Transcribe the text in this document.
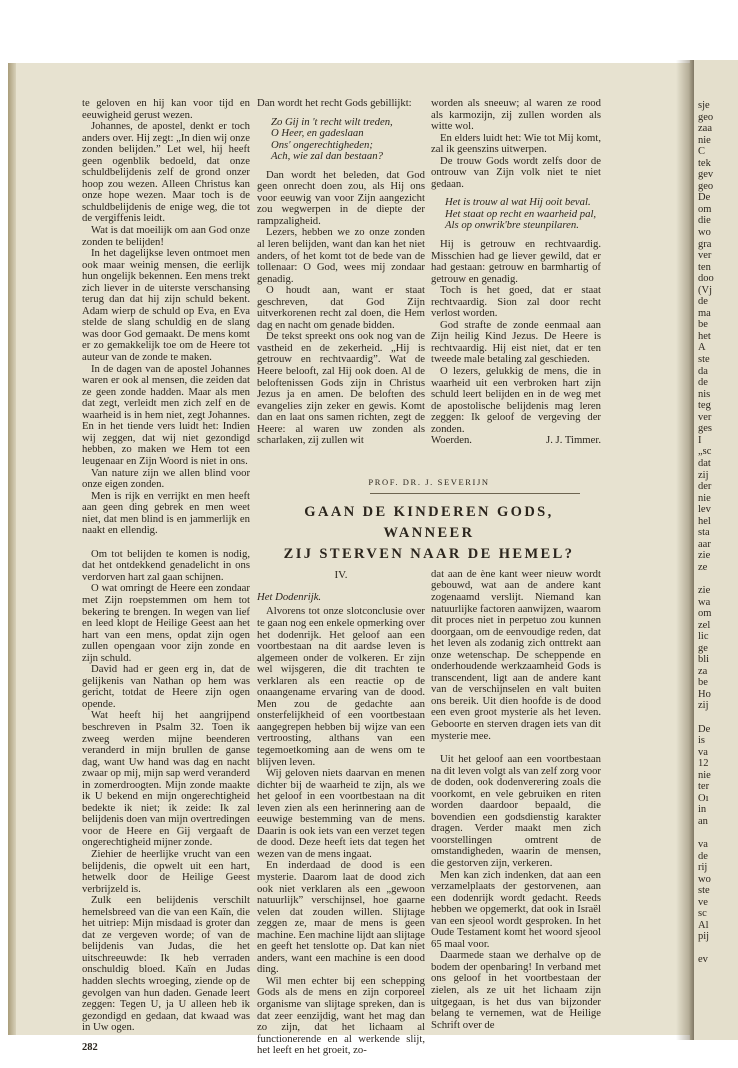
te geloven en hij kan voor tijd en eeuwigheid gerust wezen.

Johannes, de apostel, denkt er toch anders over. Hij zegt: „In dien wij onze zonden belijden.” Let wel, hij heeft geen ogenblik bedoeld, dat onze schuldbelijdenis zelf de grond onzer hoop zou wezen. Alleen Christus kan onze hope wezen. Maar toch is de schuldbelijdenis de enige weg, die tot de vergiffenis leidt.

Wat is dat moeilijk om aan God onze zonden te belijden!

In het dagelijkse leven ontmoet men ook maar weinig mensen, die eerlijk hun ongelijk bekennen. Een mens trekt zich liever in de uiterste verschansing terug dan dat hij zijn schuld bekent. Adam wierp de schuld op Eva, en Eva stelde de slang schuldig en de slang was door God gemaakt. De mens komt er zo gemakkelijk toe om de Heere tot auteur van de zonde te maken.

In de dagen van de apostel Johannes waren er ook al mensen, die zeiden dat ze geen zonde hadden. Maar als men dat zegt, verleidt men zich zelf en de waarheid is in hem niet, zegt Johannes. En in het tiende vers luidt het: Indien wij zeggen, dat wij niet gezondigd hebben, zo maken we Hem tot een leugenaar en Zijn Woord is niet in ons.

Van nature zijn we allen blind voor onze eigen zonden.

Men is rijk en verrijkt en men heeft aan geen ding gebrek en men weet niet, dat men blind is en jammerlijk en naakt en ellendig.

Om tot belijden te komen is nodig, dat het ontdekkend genadelicht in ons verdorven hart zal gaan schijnen.

O wat omringt de Heere een zondaar met Zijn roepstemmen om hem tot bekering te brengen. In wegen van lief en leed klopt de Heilige Geest aan het hart van een mens, opdat zijn ogen zullen opengaan voor zijn zonde en zijn schuld.

David had er geen erg in, dat de gelijkenis van Nathan op hem was gericht, totdat de Heere zijn ogen opende.

Wat heeft hij het aangrijpend beschreven in Psalm 32. Toen ik zweeg werden mijne beenderen veranderd in mijn brullen de ganse dag, want Uw hand was dag en nacht zwaar op mij, mijn sap werd veranderd in zomerdroogten. Mijn zonde maakte ik U bekend en mijn ongerechtigheid bedekte ik niet; ik zeide: Ik zal belijdenis doen van mijn overtredingen voor de Heere en Gij vergaaft de ongerechtigheid mijner zonde.

Ziehier de heerlijke vrucht van een belijdenis, die opwelt uit een hart, hetwelk door de Heilige Geest verbrijzeld is.

Zulk een belijdenis verschilt hemelsbreed van die van een Kaïn, die het uitriep: Mijn misdaad is groter dan dat ze vergeven worde; of van de belijdenis van Judas, die het uitschreeuwde: Ik heb verraden onschuldig bloed. Kaïn en Judas hadden slechts wroeging, ziende op de gevolgen van hun daden. Genade leert zeggen: Tegen U, ja U alleen heb ik gezondigd en gedaan, dat kwaad was in Uw ogen.

282

Dan wordt het recht Gods gebillijkt:

Zo Gij in 't recht wilt treden,
O Heer, en gadeslaan
Ons' ongerechtigheden;
Ach, wie zal dan bestaan?

Dan wordt het beleden, dat God geen onrecht doen zou, als Hij ons voor eeuwig van voor Zijn aangezicht zou wegwerpen in de diepte der rampzaligheid.

Lezers, hebben we zo onze zonden al leren belijden, want dan kan het niet anders, of het komt tot de bede van de tollenaar: O God, wees mij zondaar genadig.

O houdt aan, want er staat geschreven, dat God Zijn uitverkorenen recht zal doen, die Hem dag en nacht om genade bidden.

De tekst spreekt ons ook nog van de vastheid en de zekerheid. „Hij is getrouw en rechtvaardig”. Wat de Heere belooft, zal Hij ook doen. Al de beloftenissen Gods zijn in Christus Jezus ja en amen. De beloften des evangelies zijn zeker en gewis. Komt dan en laat ons samen richten, zegt de Heere: al waren uw zonden als scharlaken, zij zullen wit

worden als sneeuw; al waren ze rood als karmozijn, zij zullen worden als witte wol.

En elders luidt het: Wie tot Mij komt, zal ik geenszins uitwerpen.

De trouw Gods wordt zelfs door de ontrouw van Zijn volk niet te niet gedaan.

Het is trouw al wat Hij ooit beval.
Het staat op recht en waarheid pal,
Als op onwrik'bre steunpilaren.

Hij is getrouw en rechtvaardig. Misschien had ge liever gewild, dat er had gestaan: getrouw en barmhartig of getrouw en genadig.

Toch is het goed, dat er staat rechtvaardig. Sion zal door recht verlost worden.

God strafte de zonde eenmaal aan Zijn heilig Kind Jezus. De Heere is rechtvaardig. Hij eist niet, dat er ten tweede male betaling zal geschieden.

O lezers, gelukkig de mens, die in waarheid uit een verbroken hart zijn schuld leert belijden en in de weg met de apostolische belijdenis mag leren zeggen: Ik geloof de vergeving der zonden.

Woerden.	J. J. Timmer.
PROF. DR. J. SEVERIJN
GAAN DE KINDEREN GODS, WANNEER
ZIJ STERVEN NAAR DE HEMEL?
IV.

Het Dodenrijk.

Alvorens tot onze slotconclusie over te gaan nog een enkele opmerking over het dodenrijk. Het geloof aan een voortbestaan na dit aardse leven is algemeen onder de volkeren. Er zijn wel wijsgeren, die dit trachten te verklaren als een reactie op de onaangename ervaring van de dood. Men zou de gedachte aan onsterfelijkheid of een voortbestaan aangegrepen hebben bij wijze van een vertroosting, althans van een tegemoetkoming aan de wens om te blijven leven.

Wij geloven niets daarvan en menen dichter bij de waarheid te zijn, als we het geloof in een voortbestaan na dit leven zien als een herinnering aan de eeuwige bestemming van de mens. Daarin is ook iets van een verzet tegen de dood. Deze heeft iets dat tegen het wezen van de mens ingaat.

En inderdaad de dood is een mysterie. Daarom laat de dood zich ook niet verklaren als een „gewoon natuurlijk” verschijnsel, hoe gaarne velen dat zouden willen. Slijtage zeggen ze, maar de mens is geen machine. Een machine lijdt aan slijtage en geeft het tenslotte op. Dat kan niet anders, want een machine is een dood ding.

Wil men echter bij een schepping Gods als de mens en zijn corporeel organisme van slijtage spreken, dan is dat zeer eenzijdig, want het mag dan zo zijn, dat het lichaam al functionerende en al werkende slijt, het leeft en het groeit, zo-

dat aan de ène kant weer nieuw wordt gebouwd, wat aan de andere kant zogenaamd verslijt. Niemand kan natuurlijke factoren aanwijzen, waarom dit proces niet in perpetuo zou kunnen doorgaan, om de eenvoudige reden, dat het leven als zodanig zich onttrekt aan onze wetenschap. De scheppende en onderhoudende werkzaamheid Gods is transcendent, ligt aan de andere kant van de verschijnselen en valt buiten ons bereik. Uit dien hoofde is de dood een even groot mysterie als het leven. Geboorte en sterven dragen iets van dit mysterie mee.

Uit het geloof aan een voortbestaan na dit leven volgt als van zelf zorg voor de doden, ook dodenverering zoals die voorkomt, en vele gebruiken en riten worden daardoor bepaald, die bovendien een godsdienstig karakter dragen. Verder maakt men zich voorstellingen omtrent de omstandigheden, waarin de mensen, die gestorven zijn, verkeren.

Men kan zich indenken, dat aan een verzamelplaats der gestorvenen, aan een dodenrijk wordt gedacht. Reeds hebben we opgemerkt, dat ook in Israël van een sjeool wordt gesproken. In het Oude Testament komt het woord sjeool 65 maal voor.

Daarmede staan we derhalve op de bodem der openbaring! In verband met ons geloof in het voortbestaan der zielen, als ze uit het lichaam zijn uitgegaan, is het dus van bijzonder belang te vernemen, wat de Heilige Schrift over de

sje
geo
zaa
nie
C
tek
gev
geo
De
om
die
wo
gra
ver
ten
doo
(Vj
de
ma
be
het
A
ste
da
de
nis
teg
ver
ges
I
„sc
dat
zij
der
nie
lev
hel
sta
aar
zie
ze
zie
wa
om
zel
lic
ge
bli
za
be
Ho
zij
De
is
va
12
nie
ter
Oı
in
an
va
de
rij
wo
ste
ve
sc
Al
pij
ev
